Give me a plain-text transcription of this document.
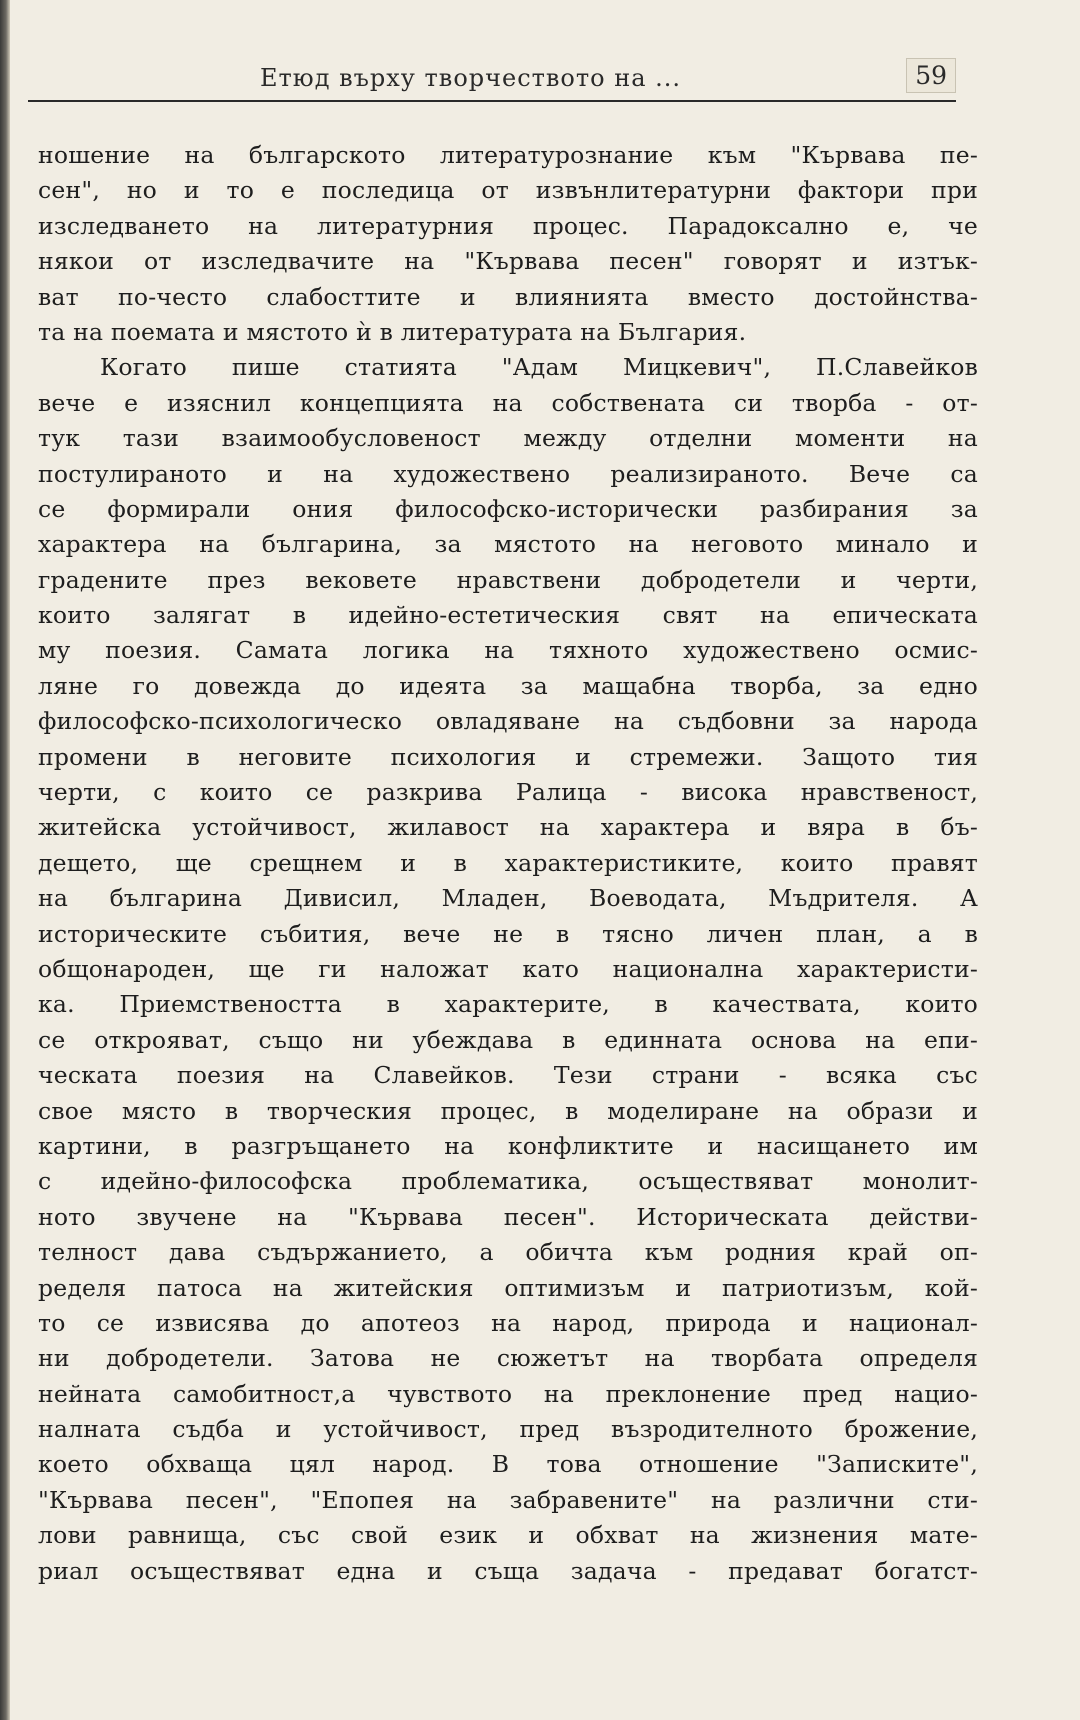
Етюд върху творчеството на ...	59
ношение на българското литературознание към "Кървава пе-
сен", но и то е последица от извънлитературни фактори при
изследването на литературния процес. Парадоксално е, че
някои от изследвачите на "Кървава песен" говорят и изтък-
ват по-често слабосттите и влиянията вместо достойнства-
та на поемата и мястото ѝ в литературата на България.
Когато пише статията "Адам Мицкевич", П.Славейков
вече е изяснил концепцията на собствената си творба - от-
тук тази взаимообусловеност между отделни моменти на
постулираното и на художествено реализираното. Вече са
се формирали ония философско-исторически разбирания за
характера на българина, за мястото на неговото минало и
градените през вековете нравствени добродетели и черти,
които залягат в идейно-естетическия свят на епическата
му поезия. Самата логика на тяхното художествено осмис-
ляне го довежда до идеята за мащабна творба, за едно
философско-психологическо овладяване на съдбовни за народа
промени в неговите психология и стремежи. Защото тия
черти, с които се разкрива Ралица - висока нравственост,
житейска устойчивост, жилавост на характера и вяра в бъ-
дещето, ще срещнем и в характеристиките, които правят
на българина Дивисил, Младен, Воеводата, Мъдрителя. А
историческите събития, вече не в тясно личен план, а в
общонароден, ще ги наложат като национална характеристи-
ка. Приемствеността в характерите, в качествата, които
се открояват, също ни убеждава в единната основа на епи-
ческата поезия на Славейков. Тези страни - всяка със
свое място в творческия процес, в моделиране на образи и
картини, в разгръщането на конфликтите и насищането им
с идейно-философска проблематика, осъществяват монолит-
ното звучене на "Кървава песен". Историческата действи-
телност дава съдържанието, а обичта към родния край оп-
ределя патоса на житейския оптимизъм и патриотизъм, кой-
то се извисява до апотеоз на народ, природа и национал-
ни добродетели. Затова не сюжетът на творбата определя
нейната самобитност,а чувството на преклонение пред нацио-
налната съдба и устойчивост, пред възродителното брожение,
което обхваща цял народ. В това отношение "Записките",
"Кървава песен", "Епопея на забравените" на различни сти-
лови равнища, със свой език и обхват на жизнения мате-
риал осъществяват една и съща задача - предават богатст-
